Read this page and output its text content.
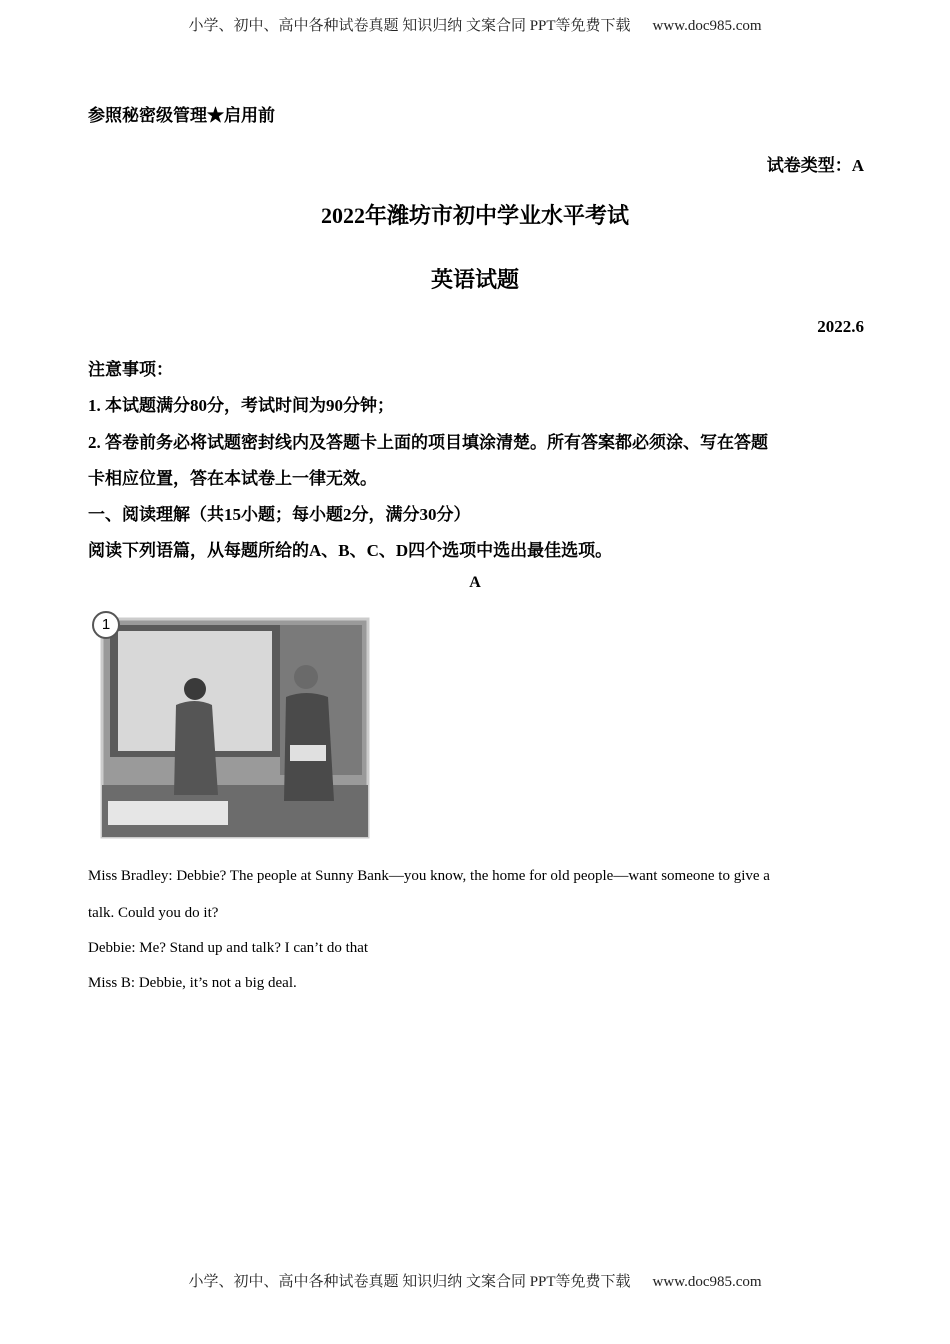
小学、初中、高中各种试卷真题 知识归纳 文案合同 PPT等免费下载 www.doc985.com
参照秘密级管理★启用前
试卷类型：A
2022年潍坊市初中学业水平考试
英语试题
2022.6
注意事项：
1. 本试题满分80分，考试时间为90分钟；
2. 答卷前务必将试题密封线内及答题卡上面的项目填涂清楚。所有答案都必须涂、写在答题
卡相应位置，答在本试卷上一律无效。
一、阅读理解（共15小题；每小题2分，满分30分）
阅读下列语篇，从每题所给的A、B、C、D四个选项中选出最佳选项。
A
1
Miss Bradley: Debbie? The people at Sunny Bank—you know, the home for old people—want someone to give a
talk. Could you do it?
Debbie: Me? Stand up and talk? I can’t do that
Miss B: Debbie, it’s not a big deal.
小学、初中、高中各种试卷真题 知识归纳 文案合同 PPT等免费下载 www.doc985.com
